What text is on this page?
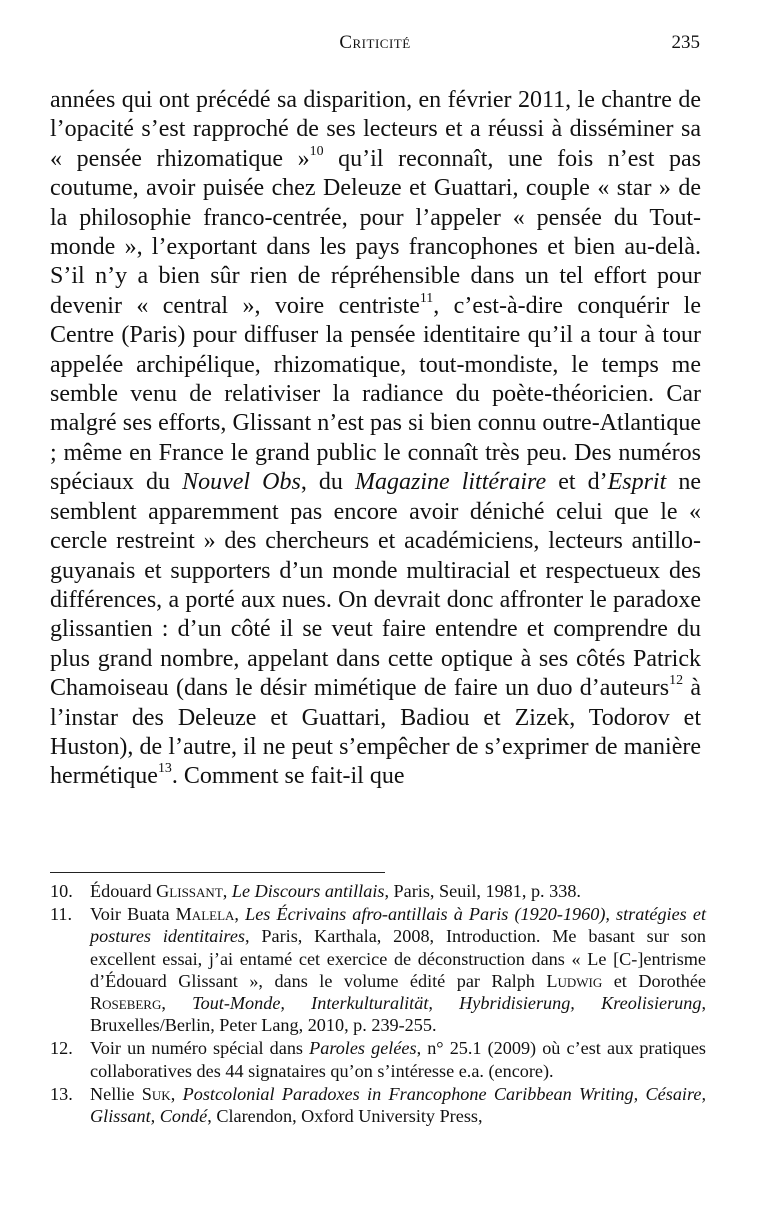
Criticité	235

années qui ont précédé sa disparition, en février 2011, le chantre de l’opacité s’est rapproché de ses lecteurs et a réussi à disséminer sa « pensée rhizomatique »$^{10}$ qu’il reconnaît, une fois n’est pas coutume, avoir puisée chez Deleuze et Guattari, couple « star » de la philosophie franco-centrée, pour l’appeler « pensée du Tout-monde », l’exportant dans les pays francophones et bien au-delà. S’il n’y a bien sûr rien de répréhensible dans un tel effort pour devenir « central », voire centriste$^{11}$, c’est-à-dire conquérir le Centre (Paris) pour diffuser la pensée identitaire qu’il a tour à tour appelée archipélique, rhizomatique, tout-mondiste, le temps me semble venu de relativiser la radiance du poète-théoricien. Car malgré ses efforts, Glissant n’est pas si bien connu outre-Atlantique ; même en France le grand public le connaît très peu. Des numéros spéciaux du Nouvel Obs, du Magazine littéraire et d’Esprit ne semblent apparemment pas encore avoir déniché celui que le « cercle restreint » des chercheurs et académiciens, lecteurs antillo-guyanais et supporters d’un monde multiracial et respectueux des différences, a porté aux nues. On devrait donc affronter le paradoxe glissantien : d’un côté il se veut faire entendre et comprendre du plus grand nombre, appelant dans cette optique à ses côtés Patrick Chamoiseau (dans le désir mimétique de faire un duo d’auteurs$^{12}$ à l’instar des Deleuze et Guattari, Badiou et Zizek, Todorov et Huston), de l’autre, il ne peut s’empêcher de s’exprimer de manière hermétique$^{13}$. Comment se fait-il que

10. Édouard Glissant, Le Discours antillais, Paris, Seuil, 1981, p. 338.
11. Voir Buata Malela, Les Écrivains afro-antillais à Paris (1920-1960), stratégies et postures identitaires, Paris, Karthala, 2008, Introduction. Me basant sur son excellent essai, j’ai entamé cet exercice de déconstruction dans « Le [C-]entrisme d’Édouard Glissant », dans le volume édité par Ralph Ludwig et Dorothée Roseberg, Tout-Monde, Interkulturalität, Hybridisierung, Kreolisierung, Bruxelles/Berlin, Peter Lang, 2010, p. 239-255.
12. Voir un numéro spécial dans Paroles gelées, n° 25.1 (2009) où c’est aux pratiques collaboratives des 44 signataires qu’on s’intéresse e.a. (encore).
13. Nellie Suk, Postcolonial Paradoxes in Francophone Caribbean Writing, Césaire, Glissant, Condé, Clarendon, Oxford University Press,
